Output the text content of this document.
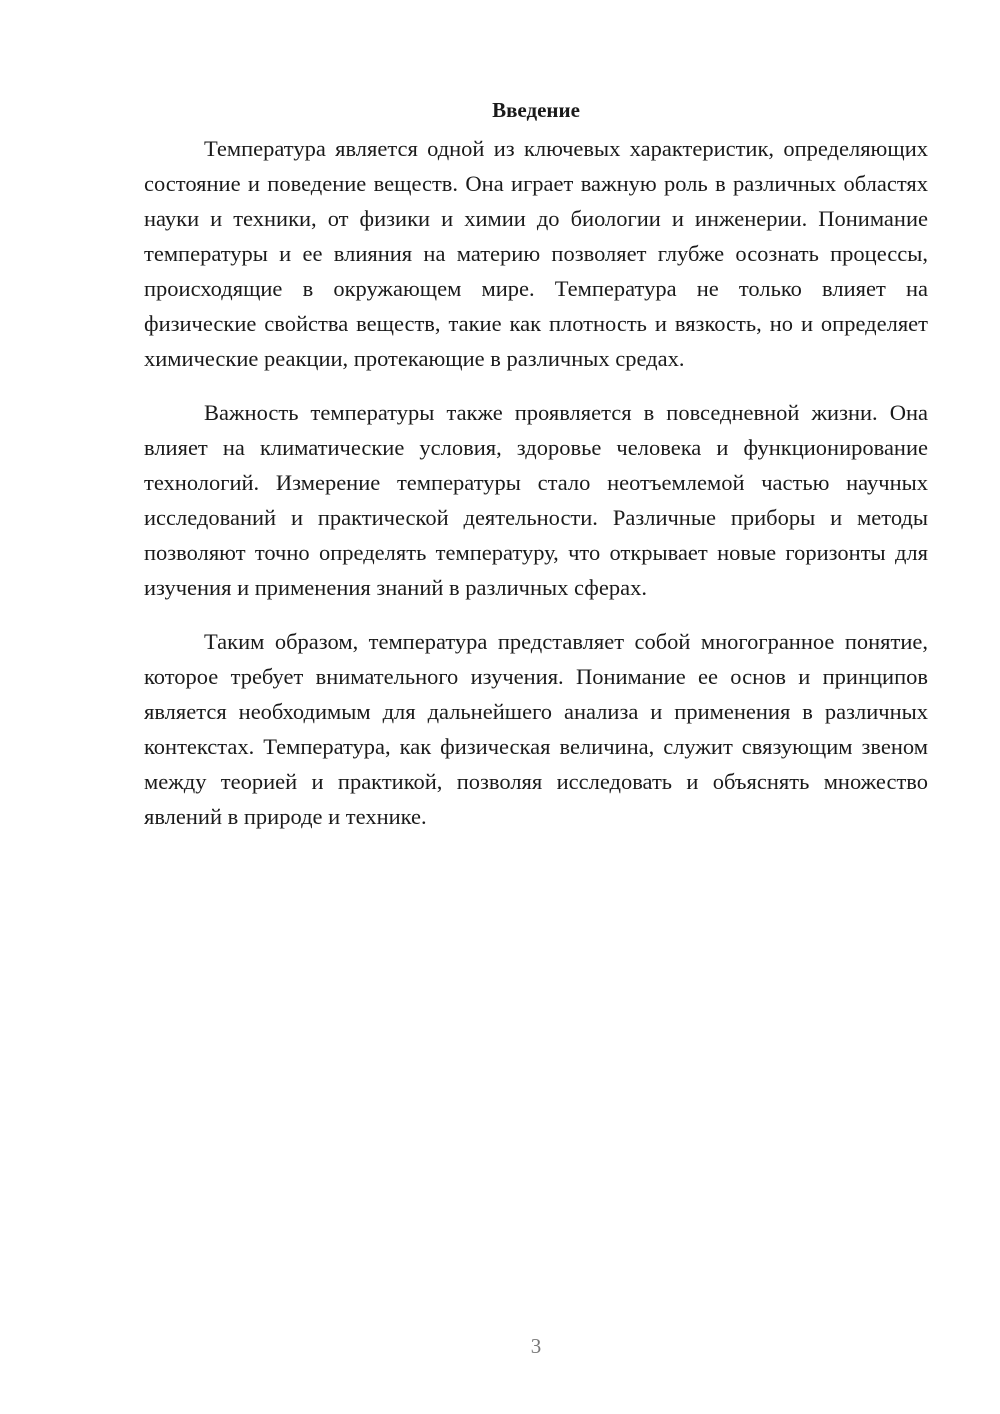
Введение

Температура является одной из ключевых характеристик, определяющих состояние и поведение веществ. Она играет важную роль в различных областях науки и техники, от физики и химии до биологии и инженерии. Понимание температуры и ее влияния на материю позволяет глубже осознать процессы, происходящие в окружающем мире. Температура не только влияет на физические свойства веществ, такие как плотность и вязкость, но и определяет химические реакции, протекающие в различных средах.

Важность температуры также проявляется в повседневной жизни. Она влияет на климатические условия, здоровье человека и функционирование технологий. Измерение температуры стало неотъемлемой частью научных исследований и практической деятельности. Различные приборы и методы позволяют точно определять температуру, что открывает новые горизонты для изучения и применения знаний в различных сферах.

Таким образом, температура представляет собой многогранное понятие, которое требует внимательного изучения. Понимание ее основ и принципов является необходимым для дальнейшего анализа и применения в различных контекстах. Температура, как физическая величина, служит связующим звеном между теорией и практикой, позволяя исследовать и объяснять множество явлений в природе и технике.

3
